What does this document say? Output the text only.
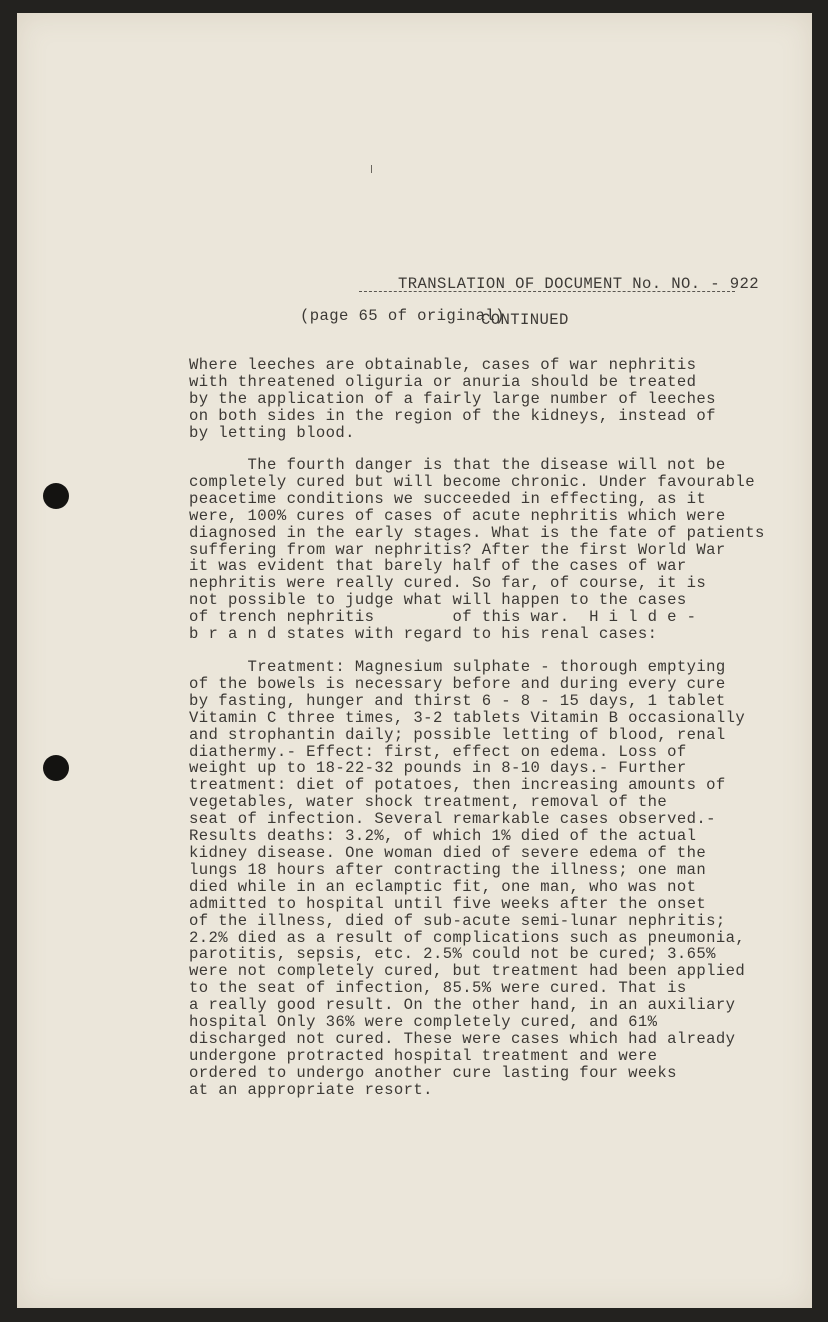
TRANSLATION OF DOCUMENT No. NO. - 922

CONTINUED

(page 65 of original)
Where leeches are obtainable, cases of war nephritis
with threatened oliguria or anuria should be treated
by the application of a fairly large number of leeches
on both sides in the region of the kidneys, instead of
by letting blood.
The fourth danger is that the disease will not be
completely cured but will become chronic. Under favourable
peacetime conditions we succeeded in effecting, as it
were, 100% cures of cases of acute nephritis which were
diagnosed in the early stages. What is the fate of patients
suffering from war nephritis? After the first World War
it was evident that barely half of the cases of war
nephritis were really cured. So far, of course, it is
not possible to judge what will happen to the cases
of trench nephritis        of this war.  H i l d e -
b r a n d states with regard to his renal cases:
Treatment: Magnesium sulphate - thorough emptying
of the bowels is necessary before and during every cure
by fasting, hunger and thirst 6 - 8 - 15 days, 1 tablet
Vitamin C three times, 3-2 tablets Vitamin B occasionally
and strophantin daily; possible letting of blood, renal
diathermy.- Effect: first, effect on edema. Loss of
weight up to 18-22-32 pounds in 8-10 days.- Further
treatment: diet of potatoes, then increasing amounts of
vegetables, water shock treatment, removal of the
seat of infection. Several remarkable cases observed.-
Results deaths: 3.2%, of which 1% died of the actual
kidney disease. One woman died of severe edema of the
lungs 18 hours after contracting the illness; one man
died while in an eclamptic fit, one man, who was not
admitted to hospital until five weeks after the onset
of the illness, died of sub-acute semi-lunar nephritis;
2.2% died as a result of complications such as pneumonia,
parotitis, sepsis, etc. 2.5% could not be cured; 3.65%
were not completely cured, but treatment had been applied
to the seat of infection, 85.5% were cured. That is
a really good result. On the other hand, in an auxiliary
hospital Only 36% were completely cured, and 61%
discharged not cured. These were cases which had already
undergone protracted hospital treatment and were
ordered to undergo another cure lasting four weeks
at an appropriate resort.
